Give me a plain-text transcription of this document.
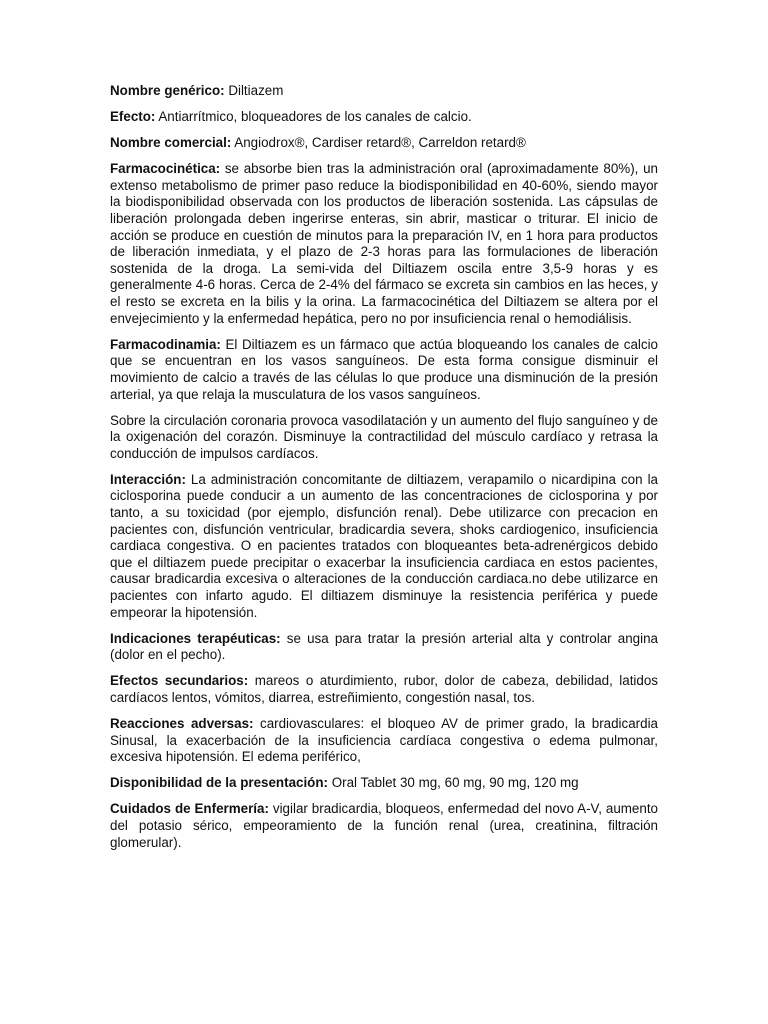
Nombre genérico: Diltiazem

Efecto: Antiarrítmico, bloqueadores de los canales de calcio.

Nombre comercial: Angiodrox®, Cardiser retard®, Carreldon retard®

Farmacocinética: se absorbe bien tras la administración oral (aproximadamente 80%), un extenso metabolismo de primer paso reduce la biodisponibilidad en 40-60%, siendo mayor la biodisponibilidad observada con los productos de liberación sostenida. Las cápsulas de liberación prolongada deben ingerirse enteras, sin abrir, masticar o triturar. El inicio de acción se produce en cuestión de minutos para la preparación IV, en 1 hora para productos de liberación inmediata, y el plazo de 2-3 horas para las formulaciones de liberación sostenida de la droga. La semi-vida del Diltiazem oscila entre 3,5-9 horas y es generalmente 4-6 horas. Cerca de 2-4% del fármaco se excreta sin cambios en las heces, y el resto se excreta en la bilis y la orina. La farmacocinética del Diltiazem se altera por el envejecimiento y la enfermedad hepática, pero no por insuficiencia renal o hemodiálisis.

Farmacodinamia: El Diltiazem es un fármaco que actúa bloqueando los canales de calcio que se encuentran en los vasos sanguíneos. De esta forma consigue disminuir el movimiento de calcio a través de las células lo que produce una disminución de la presión arterial, ya que relaja la musculatura de los vasos sanguíneos.

Sobre la circulación coronaria provoca vasodilatación y un aumento del flujo sanguíneo y de la oxigenación del corazón. Disminuye la contractilidad del músculo cardíaco y retrasa la conducción de impulsos cardíacos.

Interacción: La administración concomitante de diltiazem, verapamilo o nicardipina con la ciclosporina puede conducir a un aumento de las concentraciones de ciclosporina y por tanto, a su toxicidad (por ejemplo, disfunción renal). Debe utilizarce con precacion en pacientes con, disfunción ventricular, bradicardia severa, shoks cardiogenico, insuficiencia cardiaca congestiva. O en pacientes tratados con bloqueantes beta-adrenérgicos debido que el diltiazem puede precipitar o exacerbar la insuficiencia cardiaca en estos pacientes, causar bradicardia excesiva o alteraciones de la conducción cardiaca.no debe utilizarce en pacientes con infarto agudo. El diltiazem disminuye la resistencia periférica y puede empeorar la hipotensión.

Indicaciones terapéuticas: se usa para tratar la presión arterial alta y controlar angina (dolor en el pecho).

Efectos secundarios: mareos o aturdimiento, rubor, dolor de cabeza, debilidad, latidos cardíacos lentos, vómitos, diarrea, estreñimiento, congestión nasal, tos.

Reacciones adversas: cardiovasculares: el bloqueo AV de primer grado, la bradicardia Sinusal, la exacerbación de la insuficiencia cardíaca congestiva o edema pulmonar, excesiva hipotensión. El edema periférico,

Disponibilidad de la presentación: Oral Tablet 30 mg, 60 mg, 90 mg, 120 mg

Cuidados de Enfermería: vigilar bradicardia, bloqueos, enfermedad del novo A-V, aumento del potasio sérico, empeoramiento de la función renal (urea, creatinina, filtración glomerular).
